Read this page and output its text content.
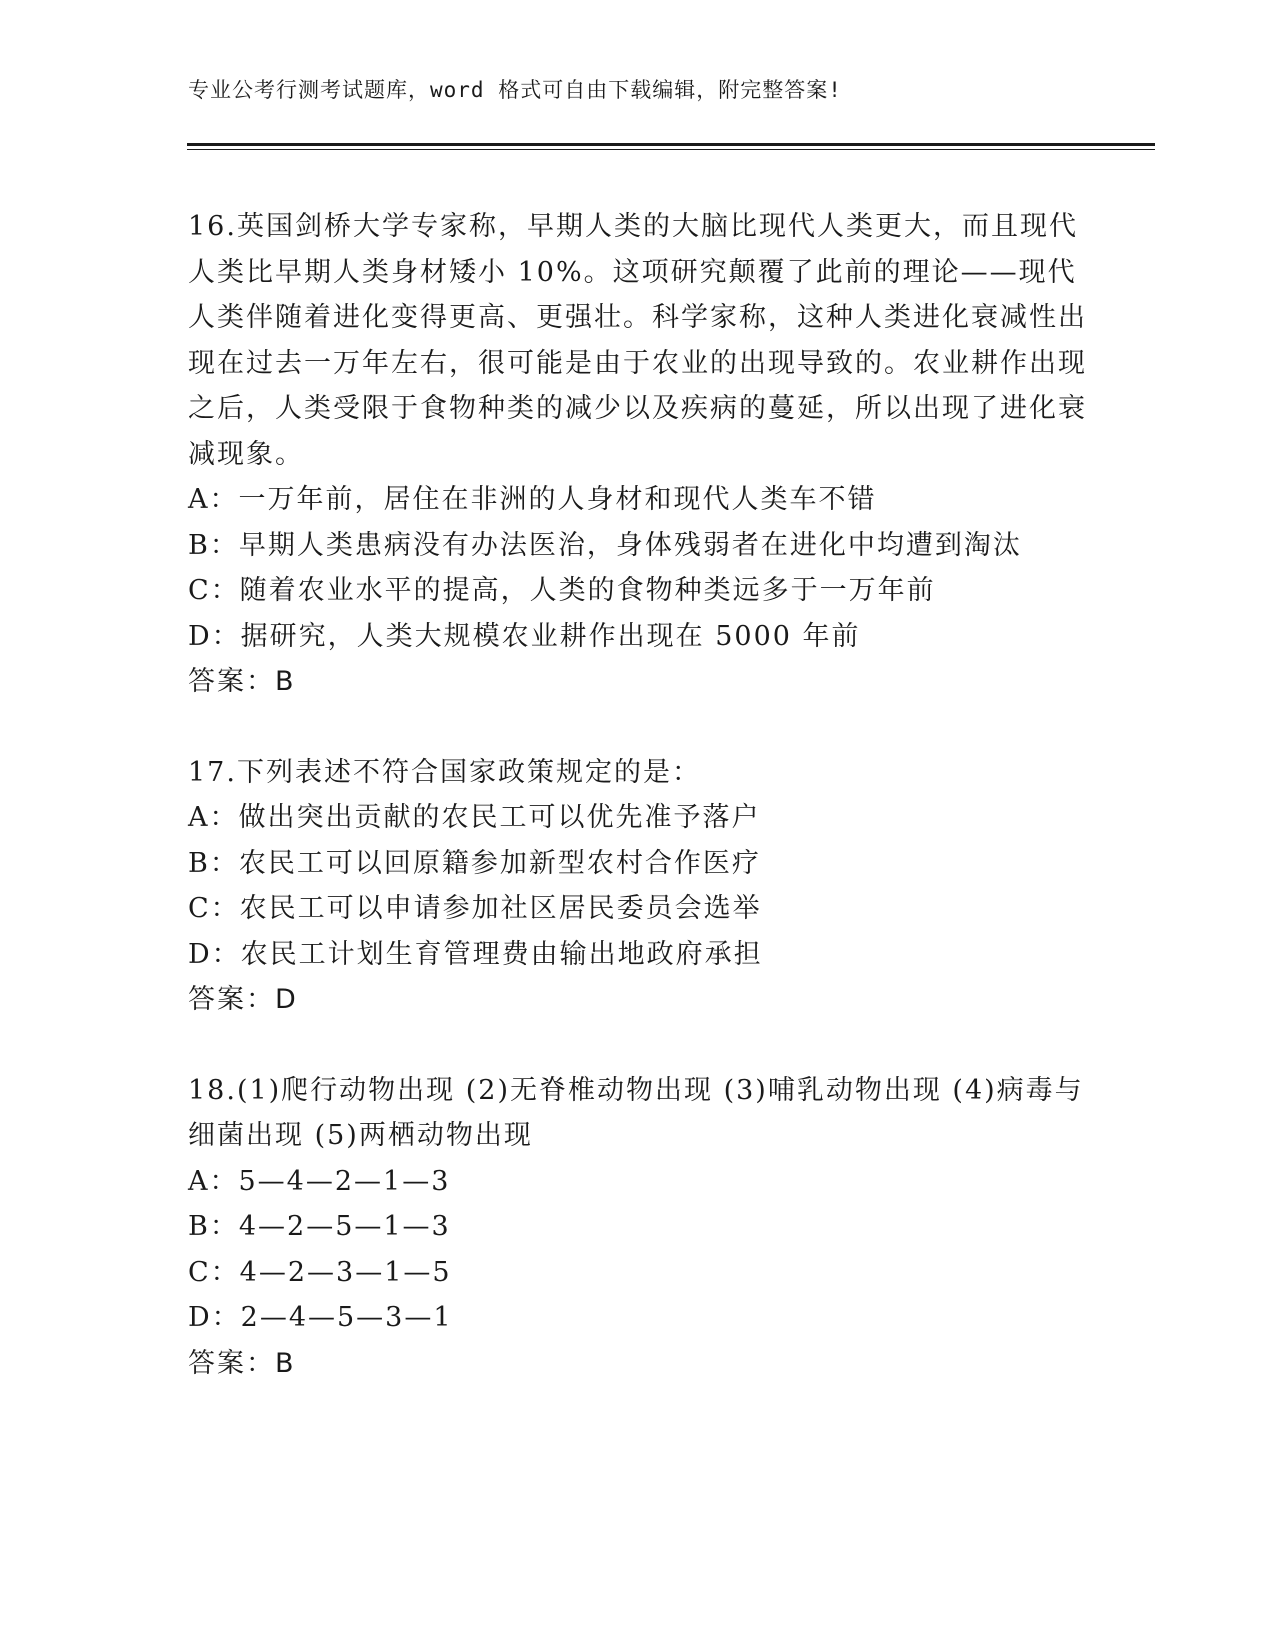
专业公考行测考试题库，word 格式可自由下载编辑，附完整答案!

16.英国剑桥大学专家称，早期人类的大脑比现代人类更大，而且现代人类比早期人类身材矮小 10%。这项研究颠覆了此前的理论——现代人类伴随着进化变得更高、更强壮。科学家称，这种人类进化衰减性出现在过去一万年左右，很可能是由于农业的出现导致的。农业耕作出现之后，人类受限于食物种类的减少以及疾病的蔓延，所以出现了进化衰减现象。

A：一万年前，居住在非洲的人身材和现代人类车不错

B：早期人类患病没有办法医治，身体残弱者在进化中均遭到淘汰

C：随着农业水平的提高，人类的食物种类远多于一万年前

D：据研究，人类大规模农业耕作出现在 5000 年前

答案：B

17.下列表述不符合国家政策规定的是：

A：做出突出贡献的农民工可以优先准予落户

B：农民工可以回原籍参加新型农村合作医疗

C：农民工可以申请参加社区居民委员会选举

D：农民工计划生育管理费由输出地政府承担

答案：D

18.(1)爬行动物出现 (2)无脊椎动物出现 (3)哺乳动物出现 (4)病毒与细菌出现 (5)两栖动物出现

A：5—4—2—1—3

B：4—2—5—1—3

C：4—2—3—1—5

D：2—4—5—3—1

答案：B
